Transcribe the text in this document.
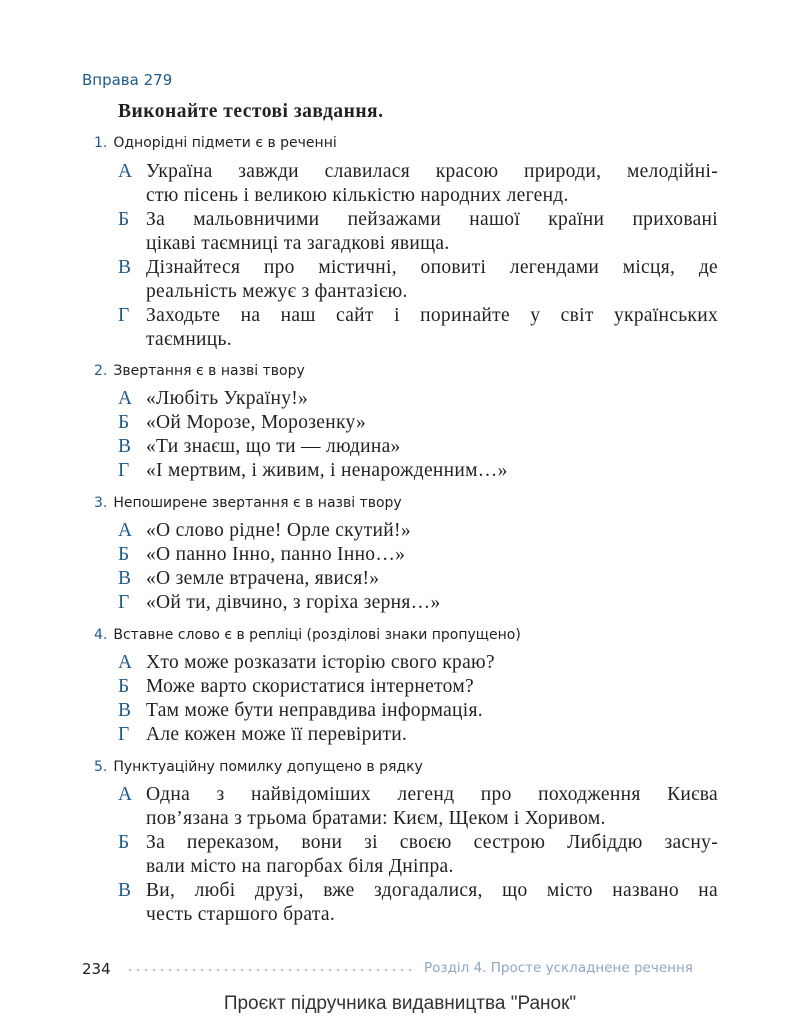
Вправа 279
Виконайте тестові завдання.
1. Однорідні підмети є в реченні
А Україна завжди славилася красою природи, мелодійні-
стю пісень і великою кількістю народних легенд.
Б За мальовничими пейзажами нашої країни приховані
цікаві таємниці та загадкові явища.
В Дізнайтеся про містичні, оповиті легендами місця, де
реальність межує з фантазією.
Г Заходьте на наш сайт і поринайте у світ українських
таємниць.
2. Звертання є в назві твору
А «Любіть Україну!»
Б «Ой Морозе, Морозенку»
В «Ти знаєш, що ти — людина»
Г «І мертвим, і живим, і ненарожденним…»
3. Непоширене звертання є в назві твору
А «О слово рідне! Орле скутий!»
Б «О панно Інно, панно Інно…»
В «О земле втрачена, явися!»
Г «Ой ти, дівчино, з горіха зерня…»
4. Вставне слово є в репліці (розділові знаки пропущено)
А Хто може розказати історію свого краю?
Б Може варто скористатися інтернетом?
В Там може бути неправдива інформація.
Г Але кожен може її перевірити.
5. Пунктуаційну помилку допущено в рядку
А Одна з найвідоміших легенд про походження Києва
пов’язана з трьома братами: Києм, Щеком і Хоривом.
Б За переказом, вони зі своєю сестрою Либіддю засну-
вали місто на пагорбах біля Дніпра.
В Ви, любі друзі, вже здогадалися, що місто названо на
честь старшого брата.
234	Розділ 4. Просте ускладнене речення
Проєкт підручника видавництва "Ранок"
